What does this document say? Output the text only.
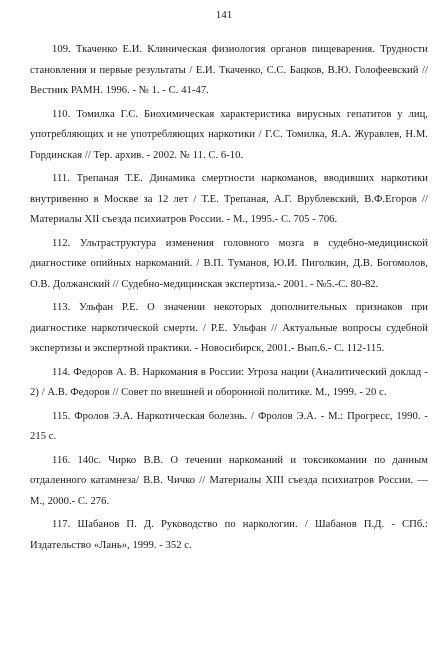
141

109. Ткаченко Е.И. Клиническая физиология органов пищеварения. Трудности становления и первые результаты / Е.И. Ткаченко, С.С. Бацков, В.Ю. Голофеевский // Вестник РАМН. 1996. - № 1. - С. 41-47.

110. Томилка Г.С. Биохимическая характеристика вирусных гепатитов у лиц, употребляющих и не употребляющих наркотики / Г.С. Томилка, Я.А. Журавлев, Н.М. Гординская // Тер. архив. - 2002. № 11. С. 6-10.

111. Трепаная Т.Е. Динамика смертности наркоманов, вводивших наркотики внутривенно в Москве за 12 лет / Т.Е. Трепаная, А.Г. Врублевский, В.Ф.Егоров // Материалы XII съезда психиатров России. - М., 1995.- С. 705 - 706.

112. Ультраструктура изменения головного мозга в судебно-медицинской диагностике опийных наркоманий. / В.П. Туманов, Ю.И. Пиголкин, Д.В. Богомолов, О.В. Должанский // Судебно-медицинская экспертиза.- 2001. - №5.-С. 80-82.

113. Ульфан Р.Е. О значении некоторых дополнительных признаков при диагностике наркотической смерти. / Р.Е. Ульфан // Актуальные вопросы судебной экспертизы и экспертной практики. - Новосибирск, 2001.- Вып.6.- С. 112-115.

114. Федоров А. В. Наркомания в России: Угроза нации (Аналитический доклад - 2) / А.В. Федоров // Совет по внешней и оборонной политике. М., 1999. - 20 с.

115. Фролов Э.А. Наркотическая болезнь. / Фролов Э.А. - М.: Прогресс, 1990. - 215 с.

116. 140с. Чирко В.В. О течении наркоманий и токсикомании по данным отдаленного катамнеза/ В.В. Чичко // Материалы XIII съезда психиатров России. — М., 2000.- С. 276.

117. Шабанов П. Д. Руководство по наркологии. / Шабанов П.Д. - СПб.: Издательство «Лань», 1999. - 352 с.
